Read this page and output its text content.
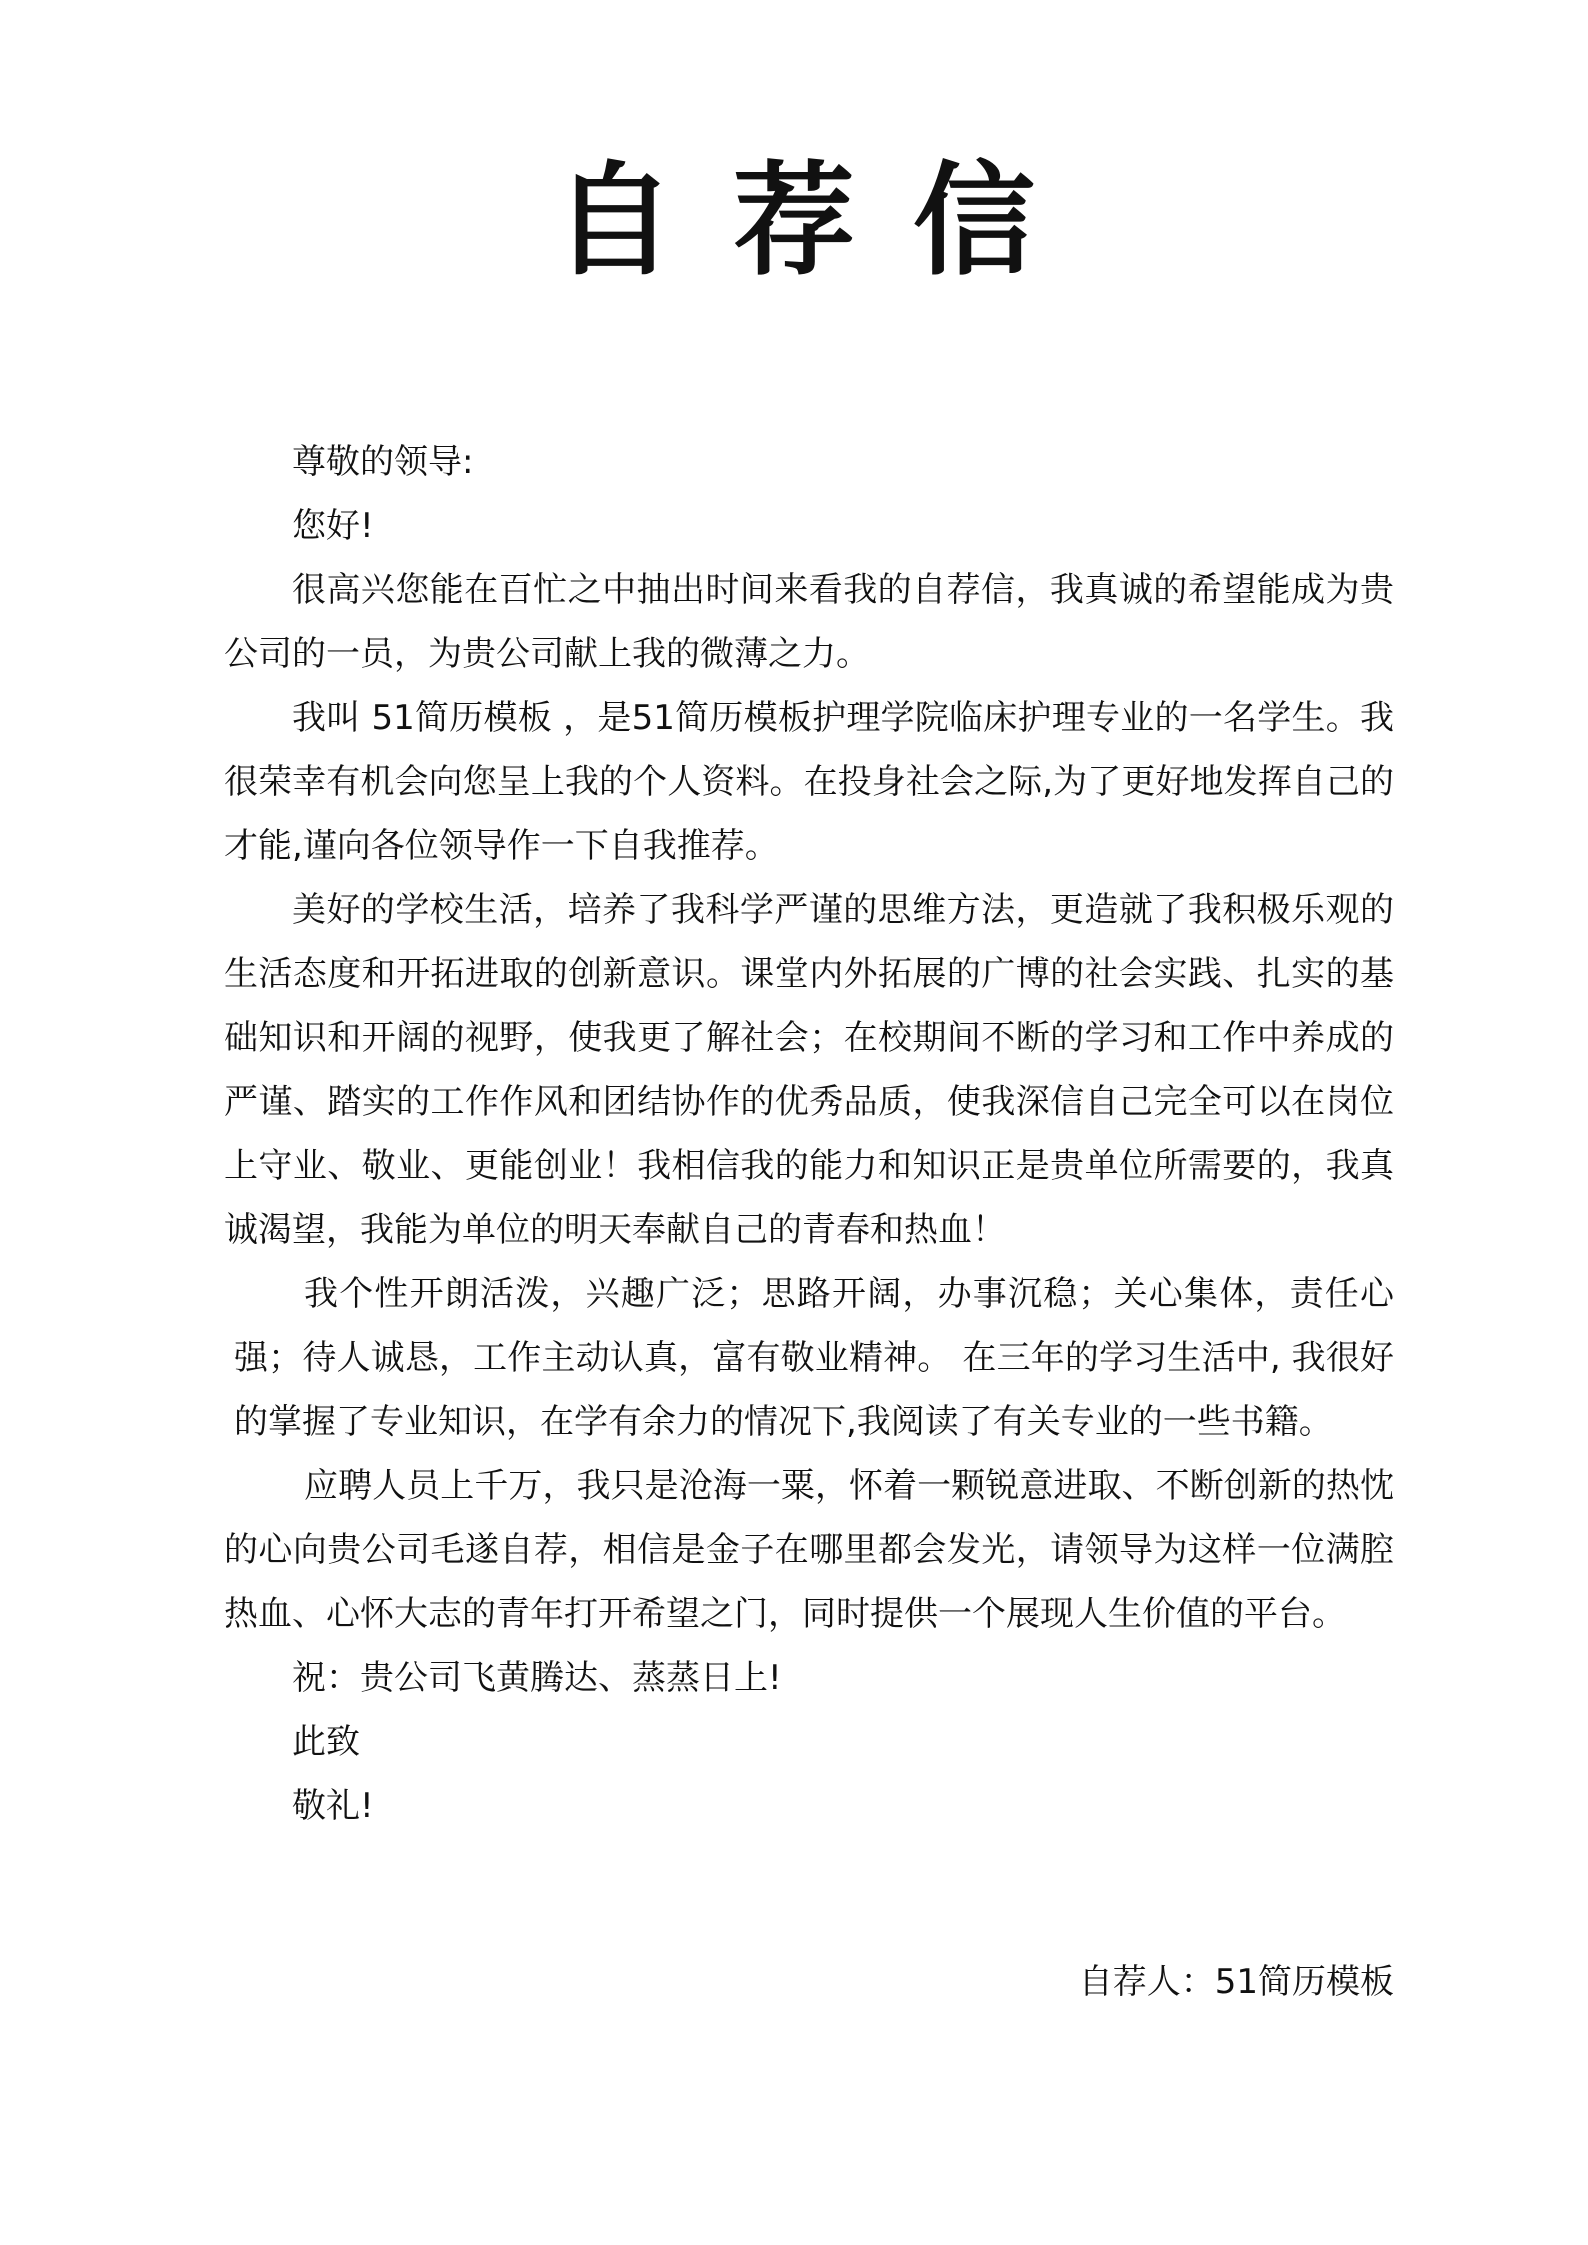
自荐信

尊敬的领导:

您好!

很高兴您能在百忙之中抽出时间来看我的自荐信，我真诚的希望能成为贵公司的一员，为贵公司献上我的微薄之力。

我叫 51简历模板 ，是51简历模板护理学院临床护理专业的一名学生。我很荣幸有机会向您呈上我的个人资料。在投身社会之际,为了更好地发挥自己的才能,谨向各位领导作一下自我推荐。

美好的学校生活，培养了我科学严谨的思维方法，更造就了我积极乐观的生活态度和开拓进取的创新意识。课堂内外拓展的广博的社会实践、扎实的基础知识和开阔的视野，使我更了解社会；在校期间不断的学习和工作中养成的严谨、踏实的工作作风和团结协作的优秀品质，使我深信自己完全可以在岗位上守业、敬业、更能创业！我相信我的能力和知识正是贵单位所需要的，我真诚渴望，我能为单位的明天奉献自己的青春和热血！

我个性开朗活泼，兴趣广泛；思路开阔，办事沉稳；关心集体，责任心强；待人诚恳，工作主动认真，富有敬业精神。 在三年的学习生活中, 我很好的掌握了专业知识，在学有余力的情况下,我阅读了有关专业的一些书籍。

应聘人员上千万，我只是沧海一粟，怀着一颗锐意进取、不断创新的热忱的心向贵公司毛遂自荐，相信是金子在哪里都会发光，请领导为这样一位满腔热血、心怀大志的青年打开希望之门，同时提供一个展现人生价值的平台。

祝：贵公司飞黄腾达、蒸蒸日上!

此致

敬礼!

自荐人：51简历模板
